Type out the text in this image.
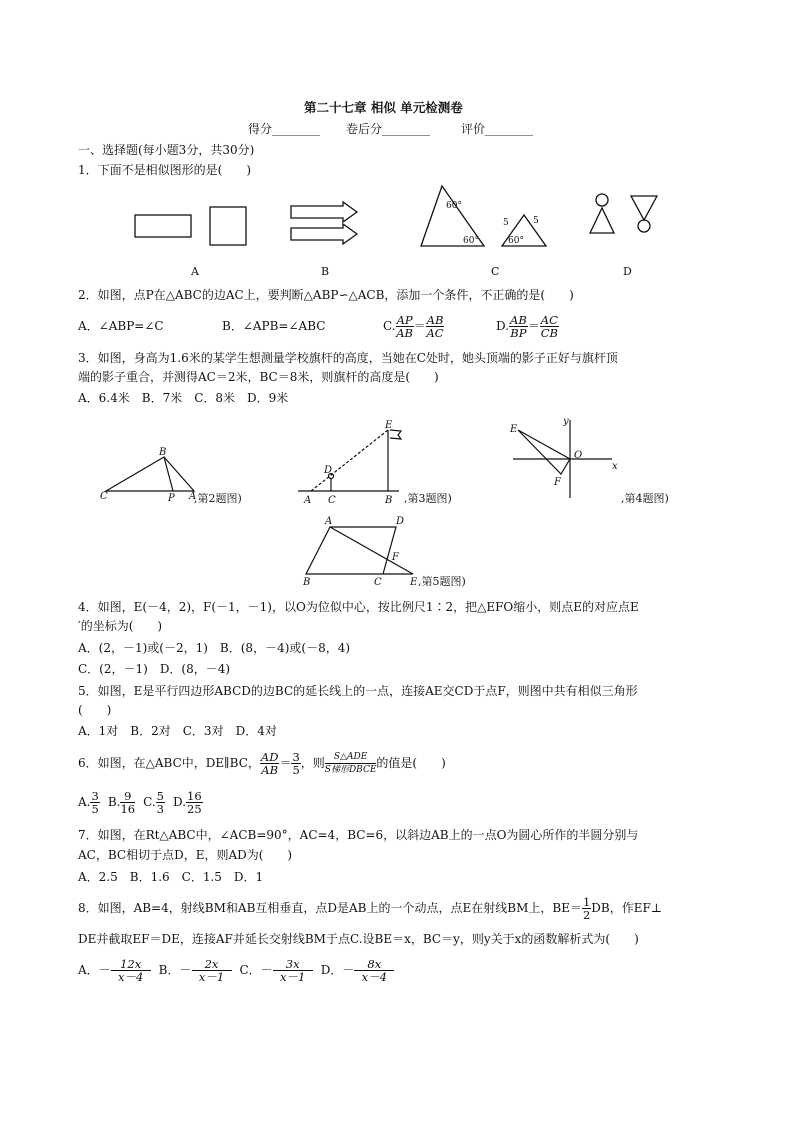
第二十七章 相似 单元检测卷
得分________ 卷后分________	评价________
一、选择题(每小题3分，共30分)
1．下面不是相似图形的是(　　)
60°
60°
5	5
60°
A	B	C	D
2．如图，点P在△ABC的边AC上，要判断△ABP∽△ACB，添加一个条件，不正确的是(　　)
A．∠ABP=∠C	B．∠APB=∠ABC	C. $\frac{AP}{AB} = \frac{AB}{AC}$	D. $\frac{AB}{BP} = \frac{AC}{CB}$
3．如图，身高为1.6米的某学生想测量学校旗杆的高度，当她在C处时，她头顶端的影子正好与旗杆顶
端的影子重合，并测得AC＝2米，BC＝8米，则旗杆的高度是(　　)
A．6.4米　B．7米　C．8米　D．9米
B
C	P A
E
D
A C	B
E
y
O
x
F
,第2题图)	,第3题图)	,第4题图)
A	D
F
B	C	E ,第5题图)
4．如图，E(－4，2)，F(－1，－1)，以O为位似中心，按比例尺1∶2，把△EFO缩小，则点E的对应点E
′的坐标为(　　)
A．(2，－1)或(－2，1)　B．(8，－4)或(－8，4)
C．(2，－1)　D．(8，－4)
5．如图，E是平行四边形ABCD的边BC的延长线上的一点，连接AE交CD于点F，则图中共有相似三角形
(　　)
A．1对　B．2对　C．3对　D．4对
6．如图，在△ABC中，DE∥BC， $\frac{AD}{AB} = \frac{3}{5}$ ，则 $\frac{\text{S△ADE}}{\text{S梯形DBCE}}$ 的值是(　　)
A. $\frac{3}{5} B$. $\frac{9}{16} C$. $\frac{5}{3} D$. $\frac{16}{25}$
7．如图，在Rt△ABC中，∠ACB=90°，AC=4，BC=6，以斜边AB上的一点O为圆心所作的半圆分别与
AC，BC相切于点D，E，则AD为(　　)
A．2.5　B．1.6　C．1.5　D．1
8．如图，AB=4，射线BM和AB互相垂直，点D是AB上的一个动点，点E在射线BM上，$BE= \frac{1}{2}$ DB，作EF⊥
DE并截取EF＝DE，连接AF并延长交射线BM于点C.设BE＝x，BC＝y，则y关于x的函数解析式为(　　)
A．－ $\frac{12x}{x-4}$ B．－ $\frac{2x}{x-1}$ C．－ $\frac{3x}{x-1}$ D．－ $\frac{8x}{x-4}$
